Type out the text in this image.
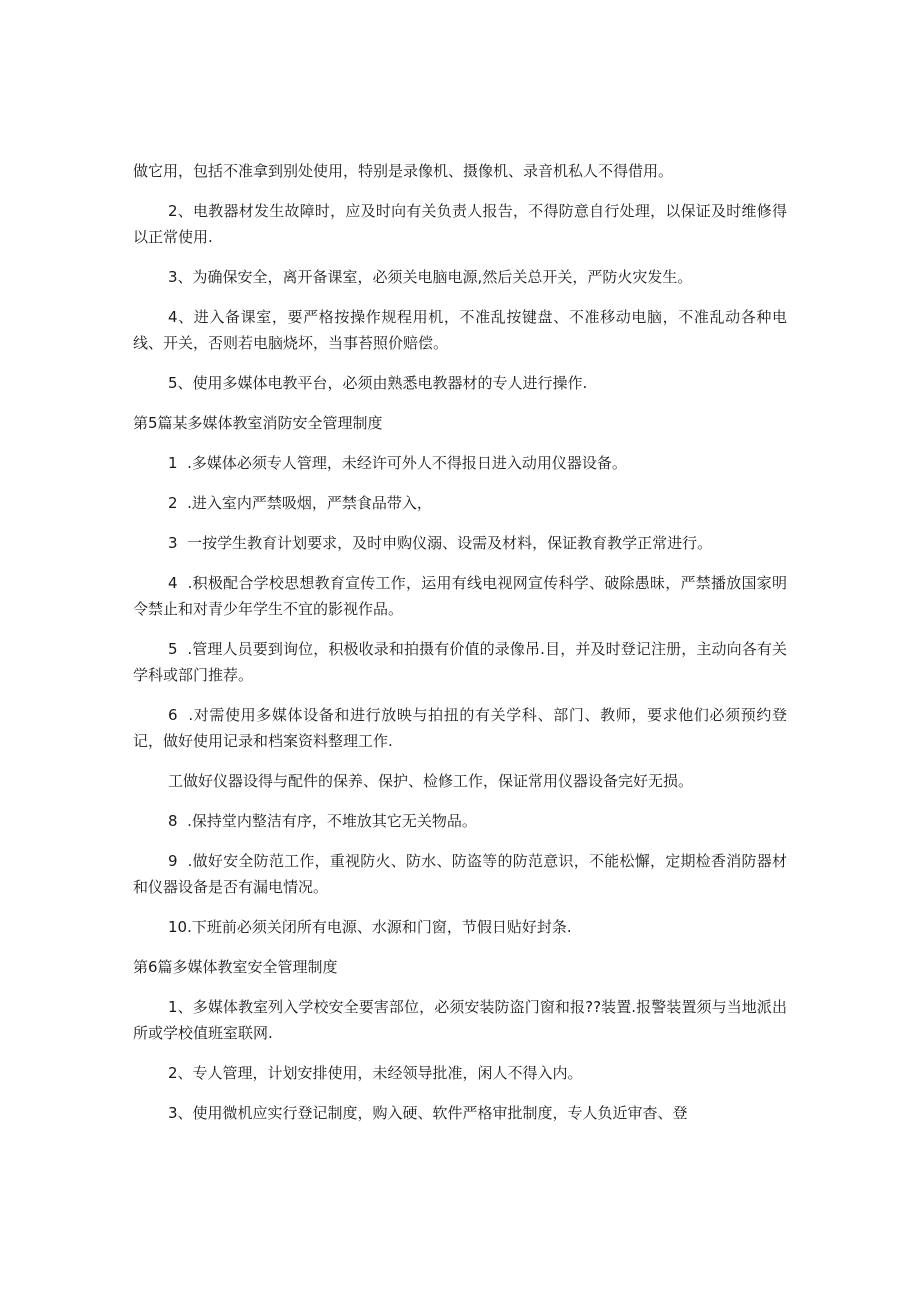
做它用，包括不准拿到别处使用，特别是录像机、摄像机、录音机私人不得借用。

2、电教器材发生故障时，应及时向有关负责人报告，不得防意自行处理，以保证及时维修得以正常使用.

3、为确保安全，离开备课室，必须关电脑电源,然后关总开关，严防火灾发生。

4、进入备课室，要严格按操作规程用机，不准乱按键盘、不准移动电脑，不准乱动各种电线、开关，否则若电脑烧坏，当事苔照价赔偿。

5、使用多媒体电教平台，必须由熟悉电教器材的专人进行操作.

第5篇某多媒体教室消防安全管理制度

1  .多媒体必须专人管理，未经许可外人不得报日进入动用仪器设备。

2  .进入室内严禁吸烟，严禁食品带入，

3  一按学生教育计划要求，及时申购仪溺、设需及材料，保证教育教学正常进行。

4  .积极配合学校思想教育宣传工作，运用有线电视网宣传科学、破除愚昧，严禁播放国家明令禁止和对青少年学生不宜的影视作品。

5  .管理人员要到询位，积极收录和拍摄有价值的录像吊.目，并及时登记注册，主动向各有关学科或部门推荐。

6  .对需使用多媒体设备和进行放映与拍扭的有关学科、部门、教师，要求他们必须预约登记，做好使用记录和档案资料整理工作.

工做好仪器设得与配件的保养、保护、检修工作，保证常用仪器设备完好无损。

8  .保持堂内整洁有序，不堆放其它无关物品。

9  .做好安全防范工作，重视防火、防水、防盗等的防范意识，不能松懈，定期检香消防器材和仪器设备是否有漏电情况。

10.下班前必须关闭所有电源、水源和门窗，节假日贴好封条.

第6篇多媒体教室安全管理制度

1、多媒体教室列入学校安全要害部位，必须安装防盗门窗和报??装置.报警装置须与当地派出所或学校值班室联网.

2、专人管理，计划安排使用，未经领导批准，闲人不得入内。

3、使用微机应实行登记制度，购入硬、软件严格审批制度，专人负近审杳、登
